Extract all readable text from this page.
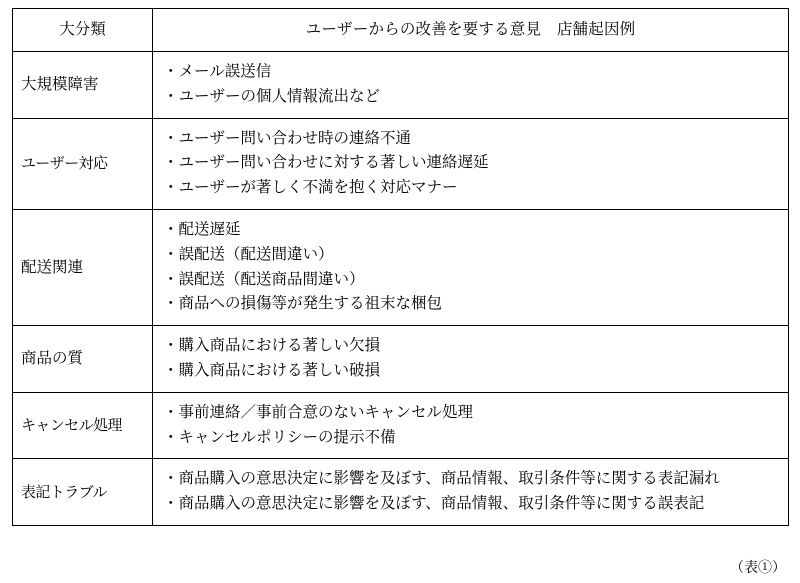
大分類	ユーザーからの改善を要する意見　店舗起因例
大規模障害	
・メール誤送信
・ユーザーの個人情報流出など

ユーザー対応	
・ユーザー問い合わせ時の連絡不通
・ユーザー問い合わせに対する著しい連絡遅延
・ユーザーが著しく不満を抱く対応マナー

配送関連	
・配送遅延
・誤配送（配送間違い）
・誤配送（配送商品間違い）
・商品への損傷等が発生する祖末な梱包

商品の質	
・購入商品における著しい欠損
・購入商品における著しい破損

キャンセル処理	
・事前連絡／事前合意のないキャンセル処理
・キャンセルポリシーの提示不備

表記トラブル	
・商品購入の意思決定に影響を及ぼす、商品情報、取引条件等に関する表記漏れ
・商品購入の意思決定に影響を及ぼす、商品情報、取引条件等に関する誤表記
（表①）
